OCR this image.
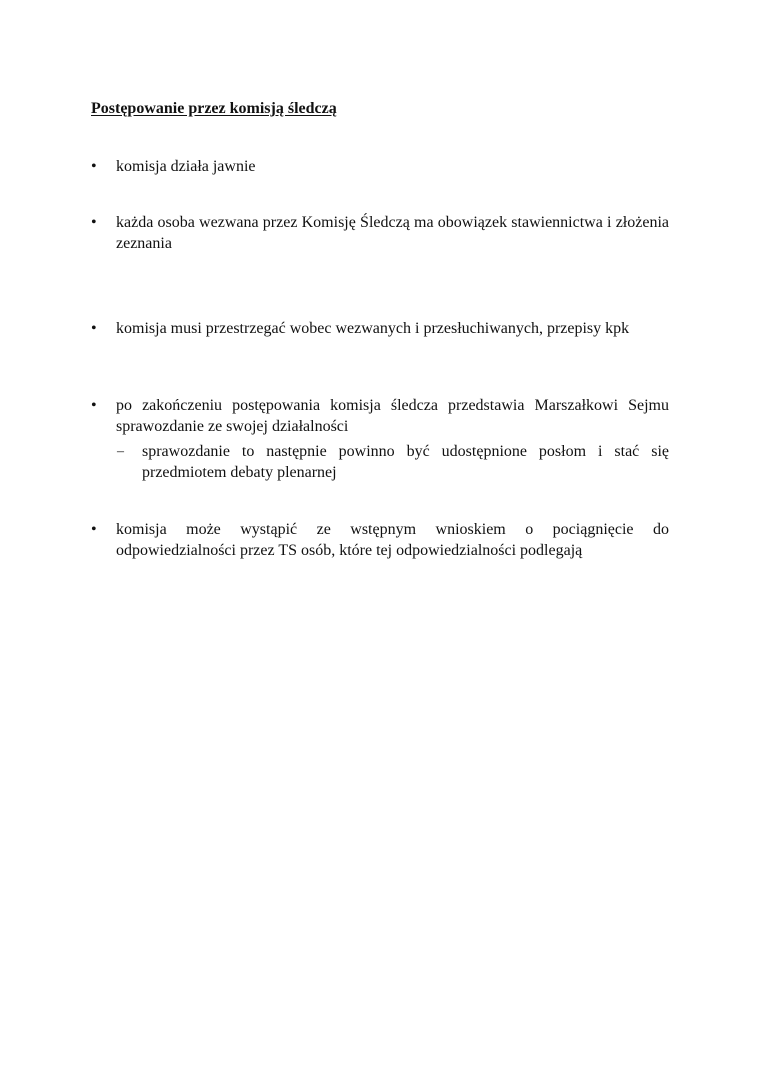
Postępowanie przez komisją śledczą
•	komisja działa jawnie
•	każda osoba wezwana przez Komisję Śledczą ma obowiązek stawiennictwa i złożenia zeznania
•	komisja musi przestrzegać wobec wezwanych i przesłuchiwanych, przepisy kpk
•	po zakończeniu postępowania komisja śledcza przedstawia Marszałkowi Sejmu sprawozdanie ze swojej działalności
–	sprawozdanie to następnie powinno być udostępnione posłom i stać się przedmiotem debaty plenarnej
•	komisja może wystąpić ze wstępnym wnioskiem o pociągnięcie do odpowiedzialności przez TS osób, które tej odpowiedzialności podlegają
